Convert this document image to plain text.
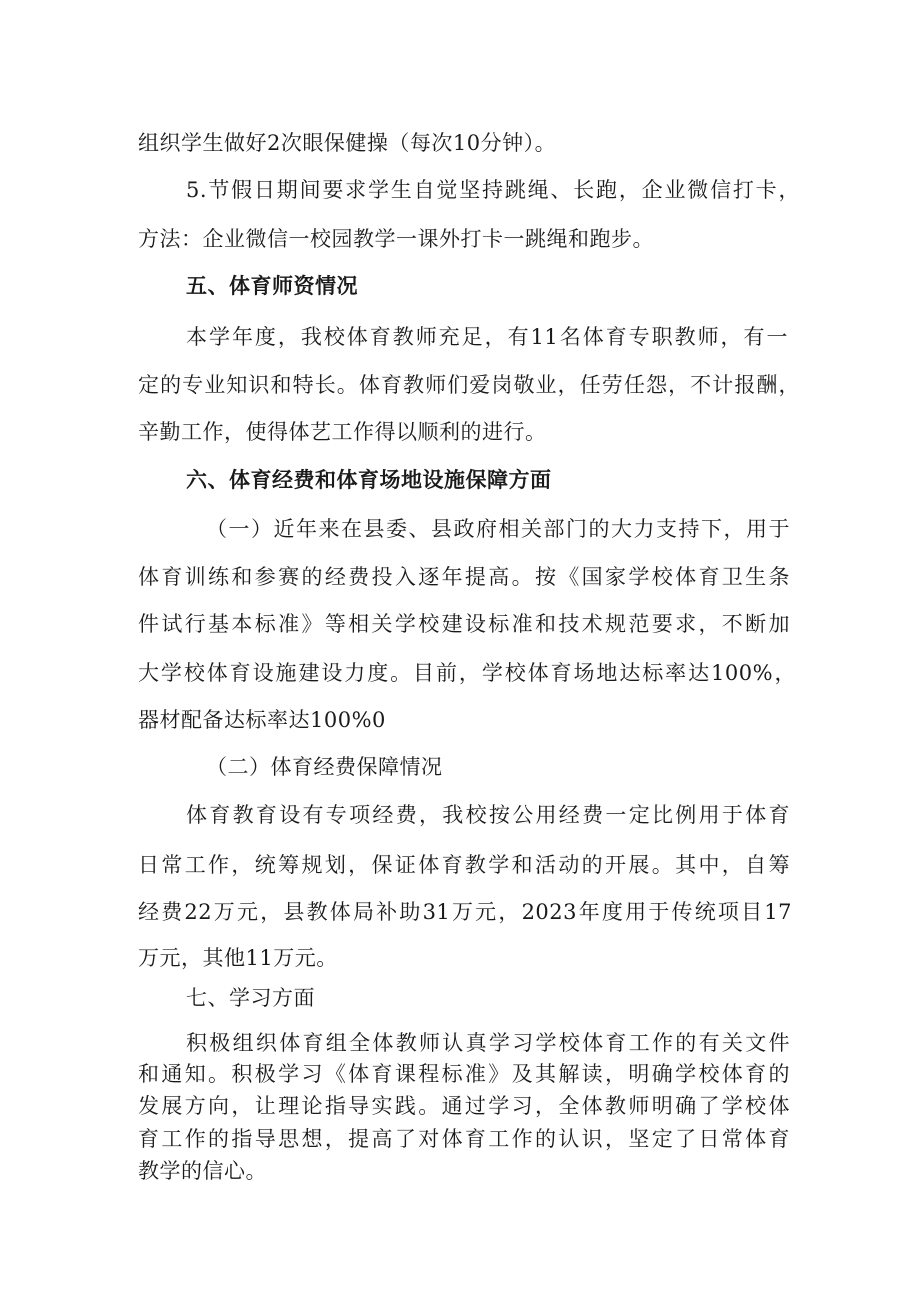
组织学生做好2次眼保健操（每次10分钟）。
5.节假日期间要求学生自觉坚持跳绳、长跑，企业微信打卡，
方法：企业微信一校园教学一课外打卡一跳绳和跑步。
五、体育师资情况
本学年度，我校体育教师充足，有11名体育专职教师，有一
定的专业知识和特长。体育教师们爱岗敬业，任劳任怨，不计报酬，
辛勤工作，使得体艺工作得以顺利的进行。
六、体育经费和体育场地设施保障方面
（一）近年来在县委、县政府相关部门的大力支持下，用于
体育训练和参赛的经费投入逐年提高。按《国家学校体育卫生条
件试行基本标准》等相关学校建设标准和技术规范要求，不断加
大学校体育设施建设力度。目前，学校体育场地达标率达100%，
器材配备达标率达100%0
（二）体育经费保障情况
体育教育设有专项经费，我校按公用经费一定比例用于体育
日常工作，统筹规划，保证体育教学和活动的开展。其中，自筹
经费22万元，县教体局补助31万元，2023年度用于传统项目17
万元，其他11万元。
七、学习方面
积极组织体育组全体教师认真学习学校体育工作的有关文件
和通知。积极学习《体育课程标准》及其解读，明确学校体育的
发展方向，让理论指导实践。通过学习，全体教师明确了学校体
育工作的指导思想，提高了对体育工作的认识，坚定了日常体育
教学的信心。
